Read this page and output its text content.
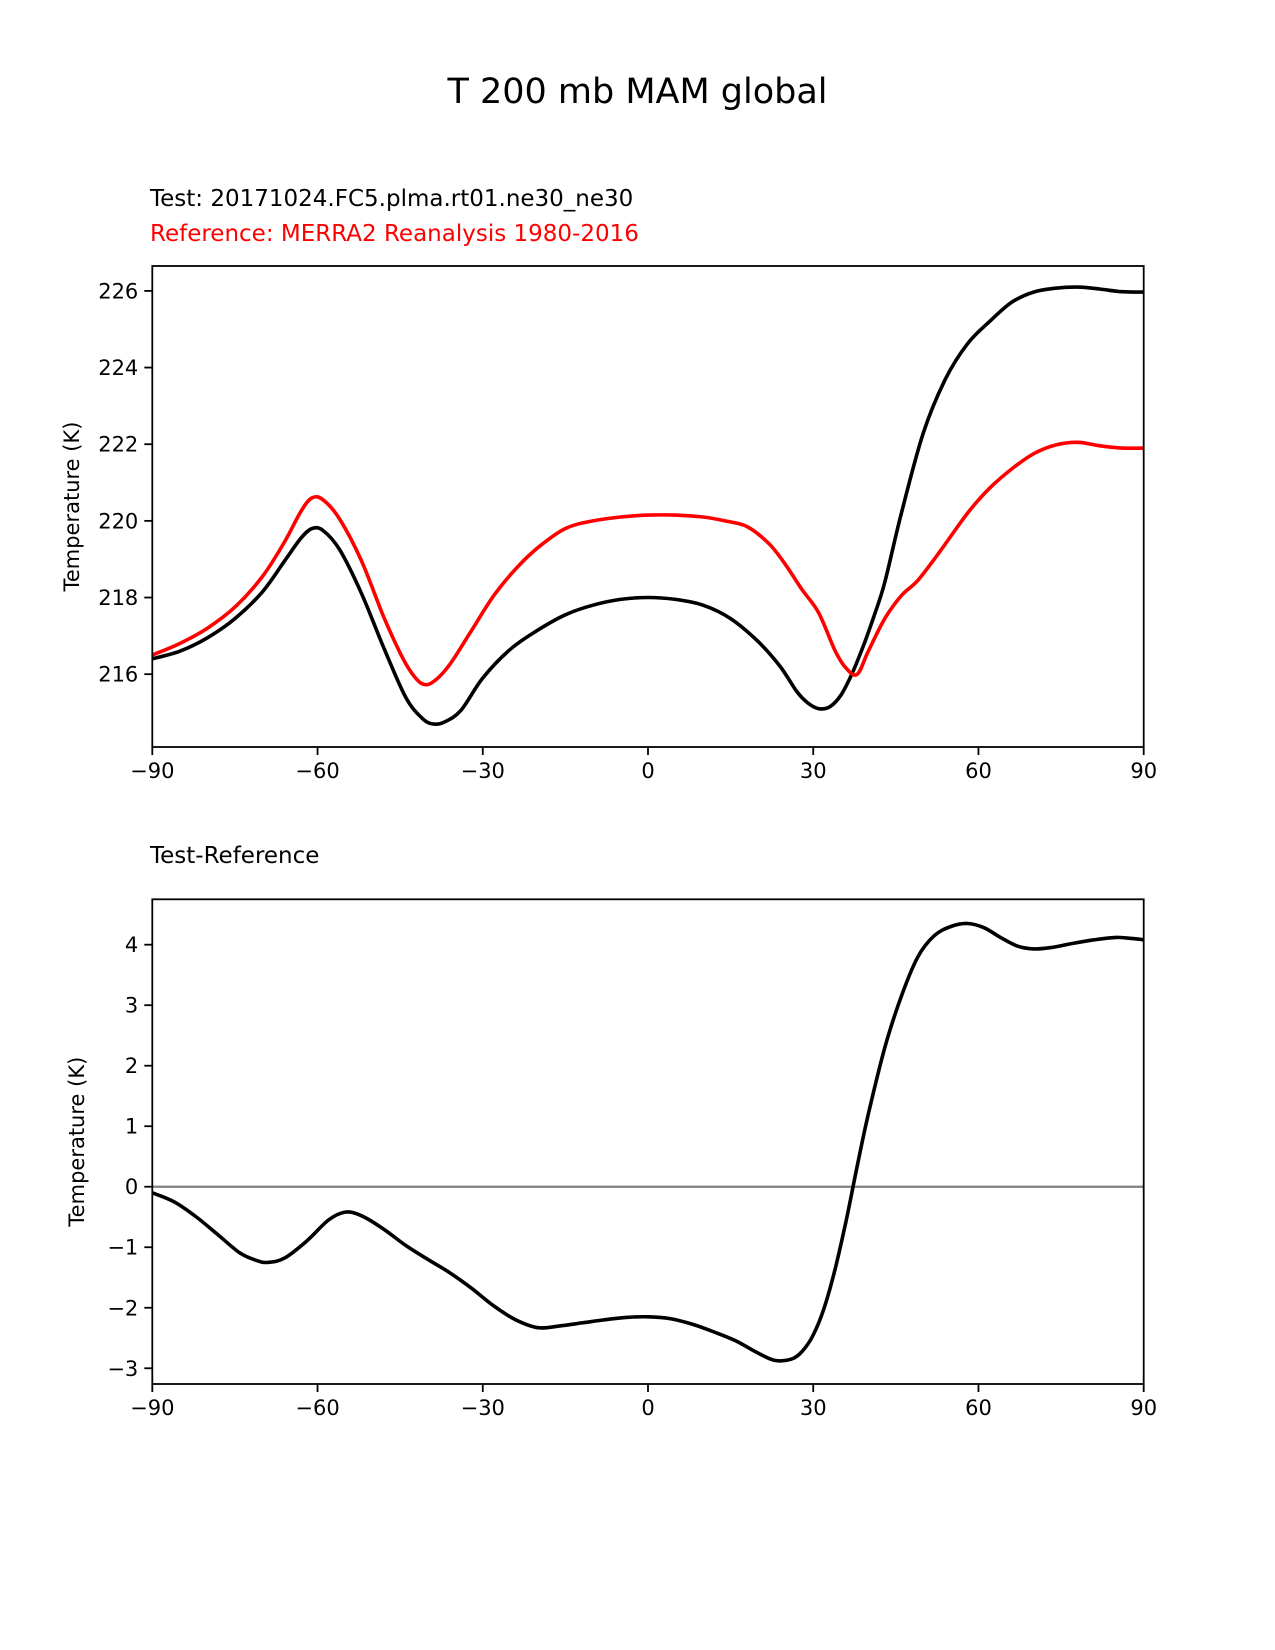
T 200 mb MAM global
Test: 20171024.FC5.plma.rt01.ne30_ne30
Reference: MERRA2 Reanalysis 1980-2016
Test-Reference
−90	−60	−30	0	30	60	90
216
218
220
222
224
226
Temperature (K)
−90	−60	−30	0	30	60	90
−3
−2
−1
0
1
2
3
4
Temperature (K)
